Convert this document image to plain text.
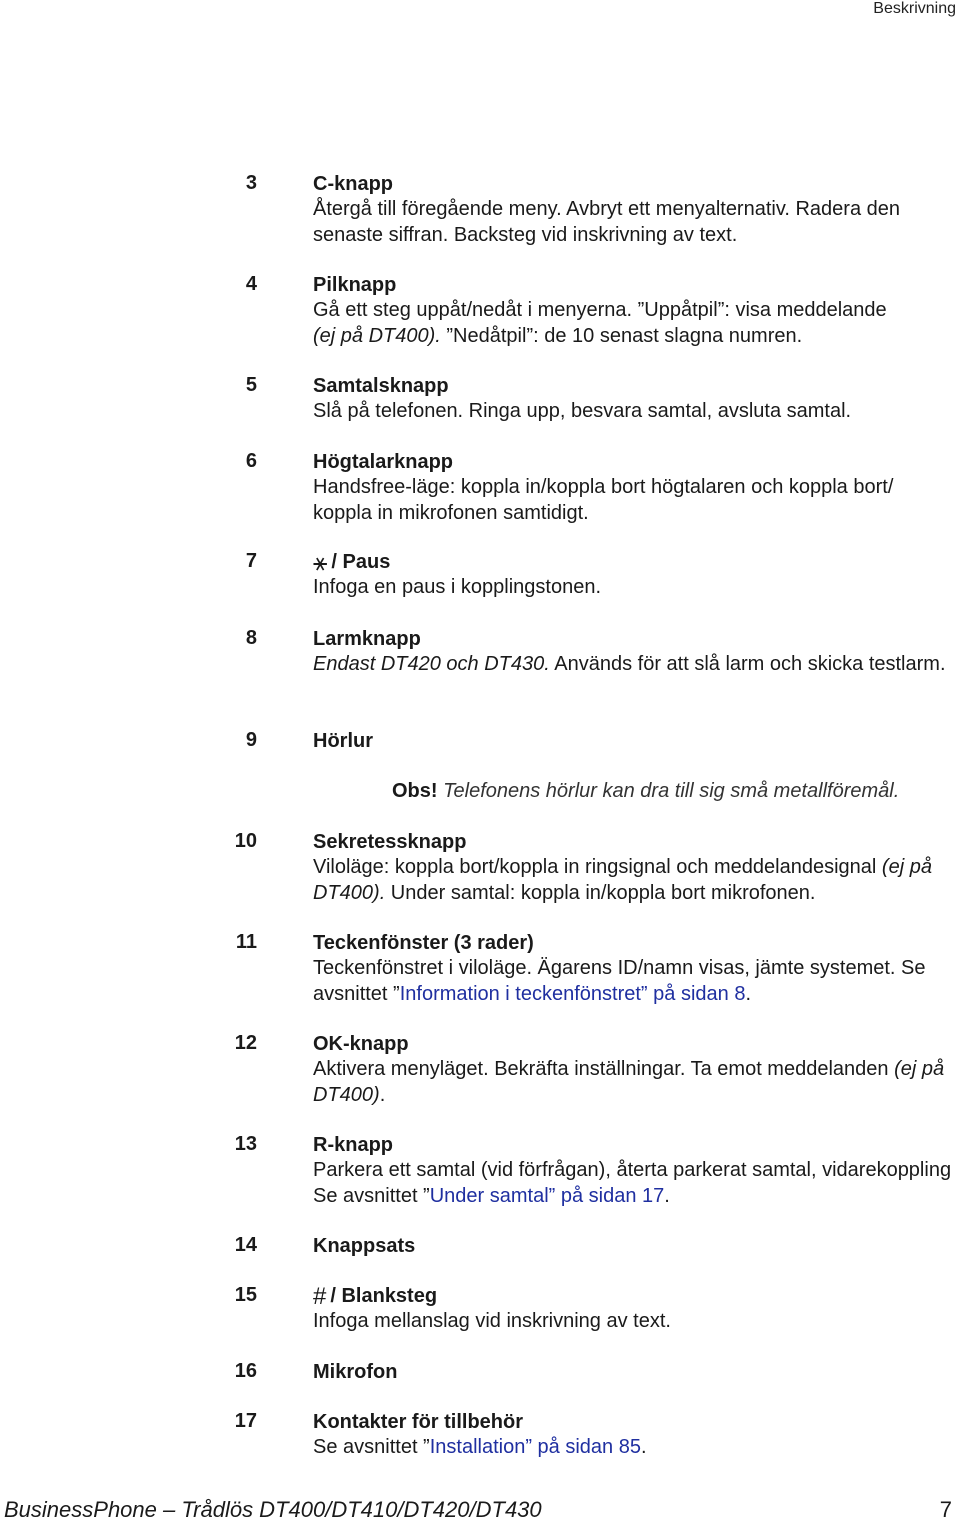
Beskrivning
3	C-knapp
Återgå till föregående meny. Avbryt ett menyalternativ. Radera den senaste siffran. Backsteg vid inskrivning av text.
4	Pilknapp
Gå ett steg uppåt/nedåt i menyerna. ”Uppåtpil”: visa meddelande
(ej på DT400). ”Nedåtpil”: de 10 senast slagna numren.
5	Samtalsknapp
Slå på telefonen. Ringa upp, besvara samtal, avsluta samtal.
6	Högtalarknapp
Handsfree-läge: koppla in/koppla bort högtalaren och koppla bort/ koppla in mikrofonen samtidigt.
7 ⚹ / Paus
Infoga en paus i kopplingstonen.
8	Larmknapp
Endast DT420 och DT430. Används för att slå larm och skicka testlarm.
9	Hörlur
Obs! Telefonens hörlur kan dra till sig små metallföremål.
10	Sekretessknapp
Viloläge: koppla bort/koppla in ringsignal och meddelandesignal (ej på DT400). Under samtal: koppla in/koppla bort mikrofonen.
11	Teckenfönster (3 rader)
Teckenfönstret i viloläge. Ägarens ID/namn visas, jämte systemet. Se avsnittet ”Information i teckenfönstret” på sidan 8.
12	OK-knapp
Aktivera menyläget. Bekräfta inställningar. Ta emot meddelanden (ej på DT400).
13	R-knapp
Parkera ett samtal (vid förfrågan), återta parkerat samtal, vidarekoppling Se avsnittet ”Under samtal” på sidan 17.
14	Knappsats
15 # / Blanksteg
Infoga mellanslag vid inskrivning av text.
16	Mikrofon
17	Kontakter för tillbehör
Se avsnittet ”Installation” på sidan 85.
BusinessPhone – Trådlös DT400/DT410/DT420/DT430	7
